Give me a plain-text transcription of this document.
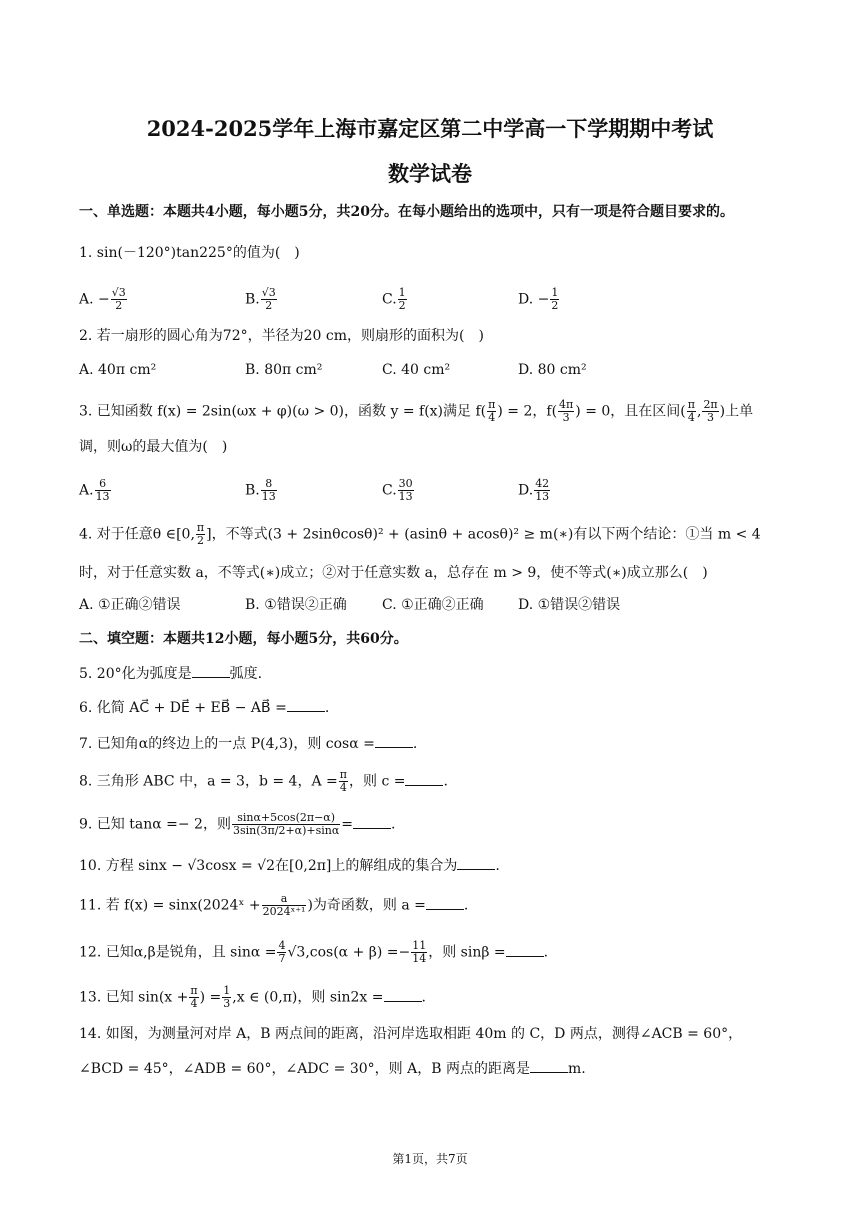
2024-2025学年上海市嘉定区第二中学高一下学期期中考试
数学试卷
一、单选题：本题共4小题，每小题5分，共20分。在每小题给出的选项中，只有一项是符合题目要求的。
1. sin(－120°)tan225°的值为(　)
A. − $\frac{√3}{2}$	B. $\frac{√3}{2}$	C. $\frac{1}{2}$	D. − $\frac{1}{2}$
2. 若一扇形的圆心角为72°，半径为20 cm，则扇形的面积为(　)
A. 40π cm²	B. 80π cm²	C. 40 cm²	D. 80 cm²
3. 已知函数 f(x) = 2sin(ωx + φ)(ω > 0)，函数 y = f(x)满足 $f( \frac{\pi}{4}$ ) = 2，$f( \frac{4\pi}{3}$ ) = 0，且在区间( $\frac{\pi}{4}$ , $\frac{2\pi}{3}$ )上单
调，则ω的最大值为(　)
A. $\frac{6}{13}$	B. $\frac{8}{13}$	C. $\frac{30}{13}$	D. $\frac{42}{13}$
4. 对于任意θ ∈[0, $\frac{\pi}{2}$ ]，不等式(3 + 2sinθcosθ)² + (asinθ + acosθ)² ≥ m(∗)有以下两个结论：①当 m < 4
时，对于任意实数 a，不等式(∗)成立；②对于任意实数 a，总存在 m > 9，使不等式(∗)成立那么(　)
A. ①正确②错误	B. ①错误②正确	C. ①正确②正确 D. ①错误②错误
二、填空题：本题共12小题，每小题5分，共60分。
5. 20°化为弧度是	弧度.
6. 化简 AC⃗ + DE⃗ + EB⃗ − AB⃗ =	.
7. 已知角α的终边上的一点 P(4,3)，则 cosα =	.
8. 三角形 ABC 中，a = 3，b = 4，$A = \frac{\pi}{4}$ ，则 c =	.
9. 已知 tanα =− 2，则 $\frac{\sin\alpha+5\cos(2\pi-\alpha)}{3\sin(3\pi/2+\alpha)+\sin\alpha}$ =	.
10. 方程 sinx − √3cosx = √2在[0,2π]上的解组成的集合为	.
11. 若 f(x) = sinx(2024ˣ + $\frac{a}{\text{2024ˣ⁺¹}}$ )为奇函数，则 a =	.
12. 已知α,β是锐角，且 $\sin\alpha = \frac{4}{7} √3,\cos(\alpha + \beta) =- \frac{11}{14}$ ，则 sinβ =	.
13. 已知 $\sin(x + \frac{\pi}{4}$ ) = $\frac{1}{3} ,x$ ∈ (0,π)，则 sin2x =	.
14. 如图，为测量河对岸 A，B 两点间的距离，沿河岸选取相距 40m 的 C，D 两点，测得∠ACB = 60°，
∠BCD = 45°，∠ADB = 60°，∠ADC = 30°，则 A，B 两点的距离是	m.
第1页，共7页
